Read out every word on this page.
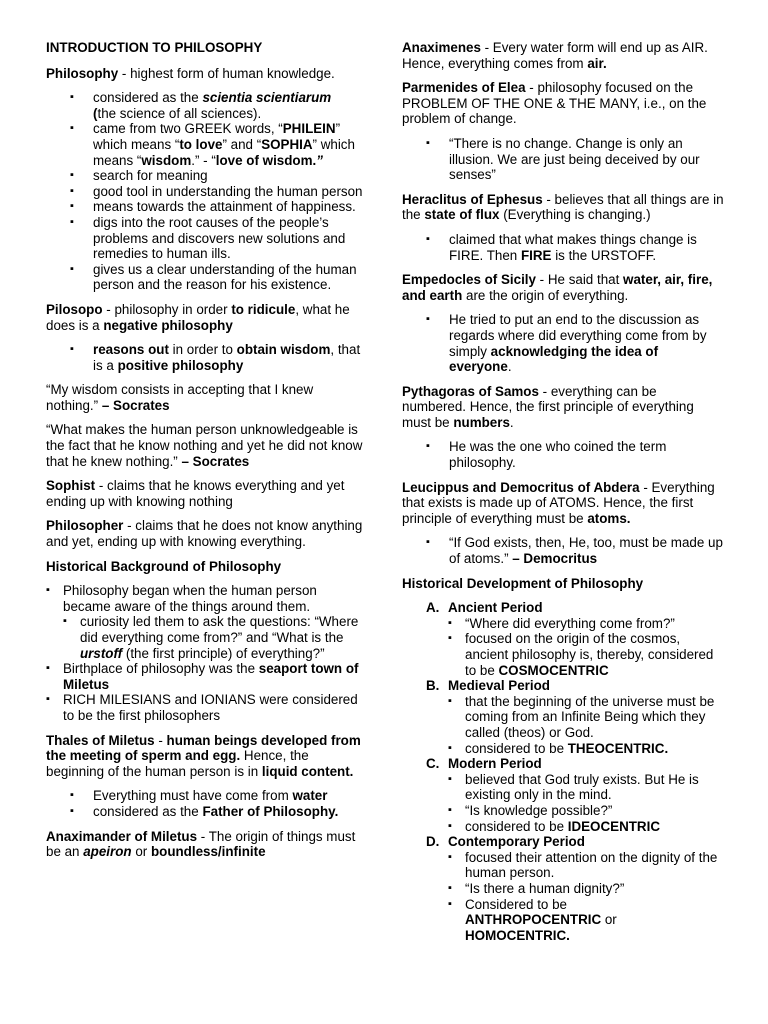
INTRODUCTION TO PHILOSOPHY

Philosophy - highest form of human knowledge.

▪ considered as the scientia scientiarum
(the science of all sciences).
▪ came from two GREEK words, “PHILEIN” which means “to love” and “SOPHIA” which means “wisdom.” - “love of wisdom.”
▪ search for meaning
▪ good tool in understanding the human person
▪ means towards the attainment of happiness.
▪ digs into the root causes of the people’s problems and discovers new solutions and remedies to human ills.
▪ gives us a clear understanding of the human person and the reason for his existence.

Pilosopo - philosophy in order to ridicule, what he does is a negative philosophy

▪ reasons out in order to obtain wisdom, that is a positive philosophy

“My wisdom consists in accepting that I knew nothing.” – Socrates

“What makes the human person unknowledgeable is the fact that he know nothing and yet he did not know that he knew nothing.” – Socrates

Sophist - claims that he knows everything and yet ending up with knowing nothing

Philosopher - claims that he does not know anything and yet, ending up with knowing everything.

Historical Background of Philosophy

▪ Philosophy began when the human person became aware of the things around them.
▪ curiosity led them to ask the questions: “Where did everything come from?” and “What is the urstoff (the first principle) of everything?”
▪ Birthplace of philosophy was the seaport town of Miletus
▪ RICH MILESIANS and IONIANS were considered to be the first philosophers

Thales of Miletus - human beings developed from the meeting of sperm and egg. Hence, the beginning of the human person is in liquid content.

▪ Everything must have come from water
▪ considered as the Father of Philosophy.

Anaximander of Miletus - The origin of things must be an apeiron or boundless/infinite

Anaximenes - Every water form will end up as AIR. Hence, everything comes from air.

Parmenides of Elea - philosophy focused on the PROBLEM OF THE ONE & THE MANY, i.e., on the problem of change.

▪ “There is no change. Change is only an illusion. We are just being deceived by our senses”

Heraclitus of Ephesus - believes that all things are in the state of flux (Everything is changing.)

▪ claimed that what makes things change is FIRE. Then FIRE is the URSTOFF.

Empedocles of Sicily - He said that water, air, fire, and earth are the origin of everything.

▪ He tried to put an end to the discussion as regards where did everything come from by simply acknowledging the idea of everyone.

Pythagoras of Samos - everything can be numbered. Hence, the first principle of everything must be numbers.

▪ He was the one who coined the term philosophy.

Leucippus and Democritus of Abdera - Everything that exists is made up of ATOMS. Hence, the first principle of everything must be atoms.

▪ “If God exists, then, He, too, must be made up of atoms.” – Democritus

Historical Development of Philosophy

A. Ancient Period
▪ “Where did everything come from?”
▪ focused on the origin of the cosmos, ancient philosophy is, thereby, considered to be COSMOCENTRIC
B. Medieval Period
▪ that the beginning of the universe must be coming from an Infinite Being which they called (theos) or God.
▪ considered to be THEOCENTRIC.
C. Modern Period
▪ believed that God truly exists. But He is existing only in the mind.
▪ “Is knowledge possible?”
▪ considered to be IDEOCENTRIC
D. Contemporary Period
▪ focused their attention on the dignity of the human person.
▪ “Is there a human dignity?”
▪ Considered to be
ANTHROPOCENTRIC or
HOMOCENTRIC.
